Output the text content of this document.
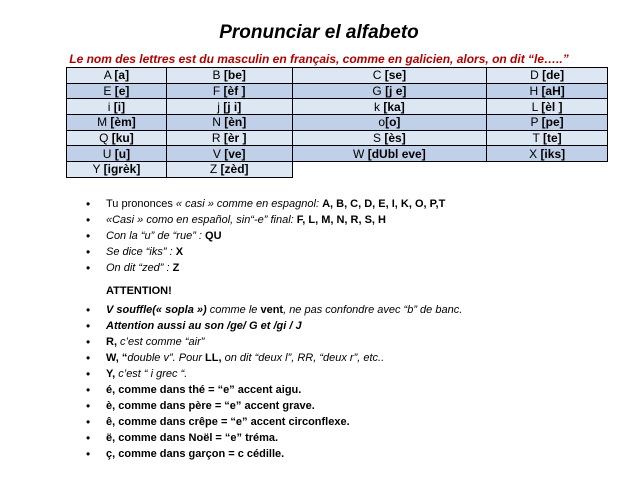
Pronunciar el alfabeto
Le nom des lettres est du masculin en français, comme en galicien, alors, on dit “le…..”
A [a]	B [be]	C [se]	D [de]
E [e]	F [èf ]	G [j e]	H [aH]
i [i]	j [j i]	k [ka]	L [èl ]
M [èm]	N [èn]	o[o]	P [pe]
Q [ku]	R [èr ]	S [ès]	T [te]
U [u]	V [ve]	W [dUbl eve]	X [iks]
Y [igrèk]	Z [zèd]		
• Tu prononces « casi » comme en espagnol: A, B, C, D, E, I, K, O, P,T
• «Casi » como en español, sin“-e” final: F, L, M, N, R, S, H
• Con la “u” de “rue” : QU
• Se dice “iks” : X
• On dit “zed” : Z
ATTENTION!
• V souffle(« sopla ») comme le vent, ne pas confondre avec “b” de banc.
• Attention aussi au son /ge/ G et /gi / J
• R, c’est comme “air”
• W, “double v”. Pour LL, on dit “deux l”, RR, “deux r”, etc..
• Y, c’est “ i grec “.
• é, comme dans thé = “e” accent aigu.
• è, comme dans père = “e” accent grave.
• ê, comme dans crêpe = “e” accent circonflexe.
• ë, comme dans Noël = “e” tréma.
• ç, comme dans garçon = c cédille.
